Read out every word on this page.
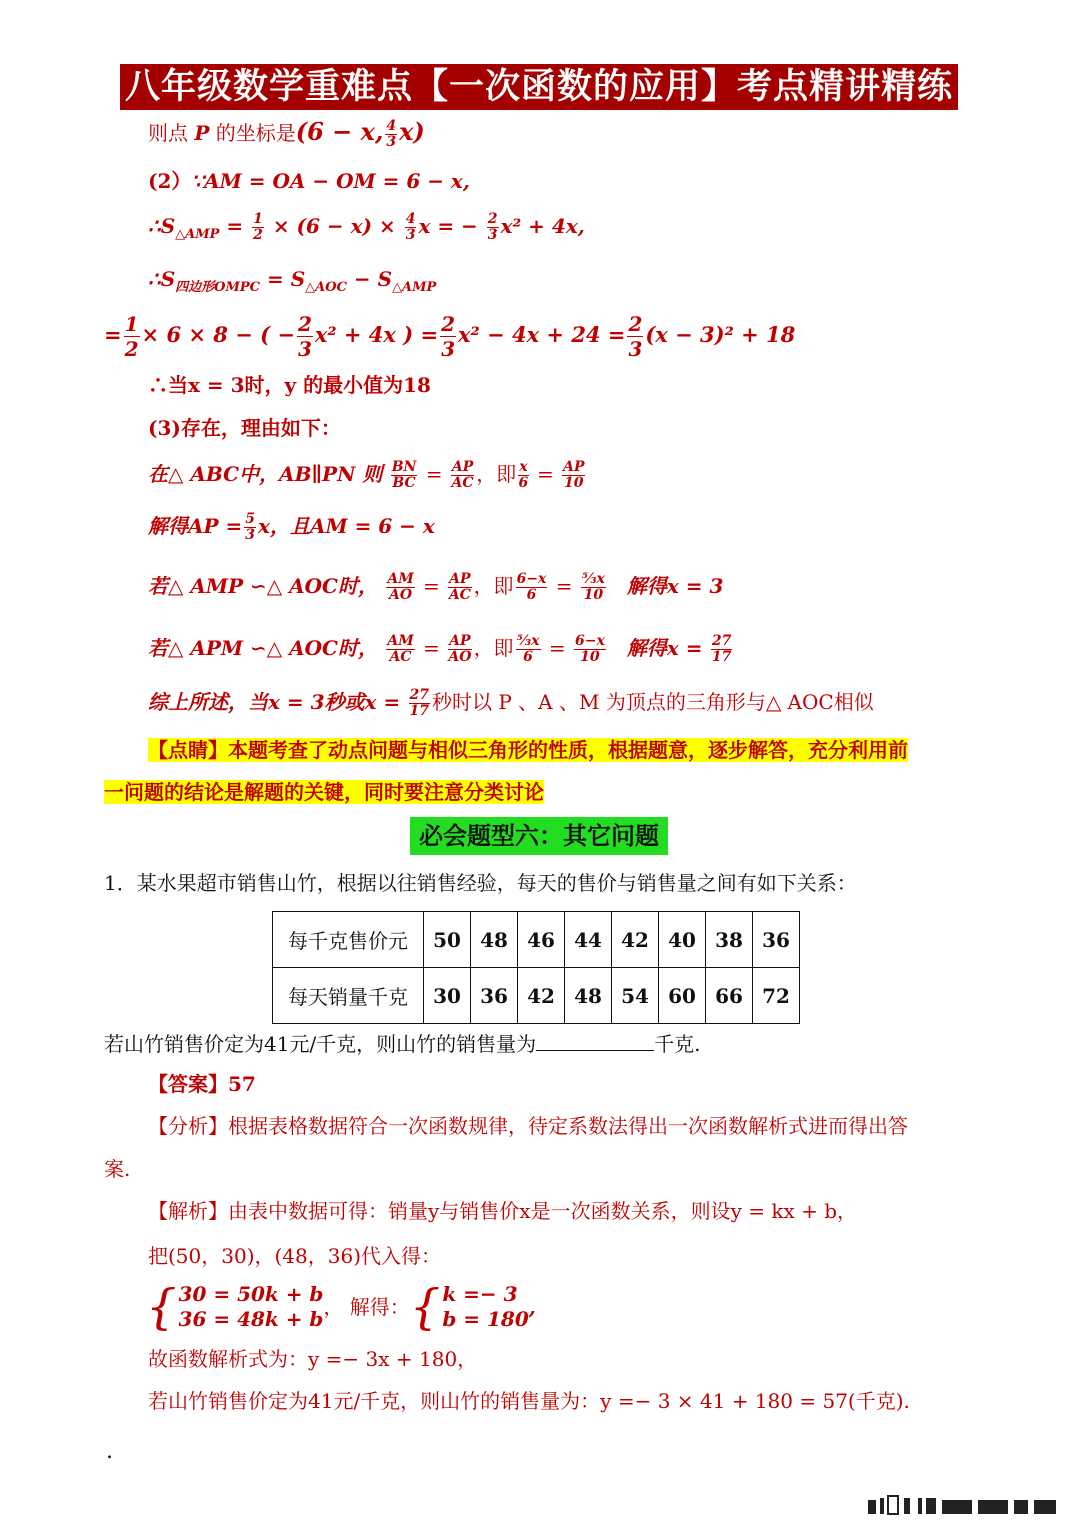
八年级数学重难点【一次函数的应用】考点精讲精练
则点 P 的坐标是(6 − x, $\frac{4}{3} x$)
(2）∵AM = OA − OM = 6 − x,
$\therefore S_{\triangle AMP} = \frac{1}{2} \times (6 - x) \times \frac{4}{3}$ x = − $\frac{2}{3} x^2 + 4x$,
$\therefore S_{四边形OMPC} = S_{\triangle AOC} - S_{\triangle AMP}$
= $\frac{1}{2} \times 6 \times 8$ − ( − $\frac{2}{3} x^2 + 4x$ ) = $\frac{2}{3} x^2 - 4x + 24 = \frac{2}{3} (x - 3)^2 + 18$
∴当x = 3时，y 的最小值为18
(3)存在，理由如下：
在△ ABC中，AB∥PN 则 $\frac{BN}{BC} = \frac{AP}{AC}$ ，即 $\frac{x}{6} = \frac{AP}{10}$
解得AP = $\frac{5}{3}$ x，且AM = 6 − x
若△ AMP ∽△ AOC时， $\frac{AM}{AO} = \frac{AP}{AC}$ ，即 $\frac{6-x}{6} = \frac{\text{⁵⁄₃x}}{10}$ 解得x = 3
若△ APM ∽△ AOC时， $\frac{AM}{AC} = \frac{AP}{AO}$ ，即 $\frac{\text{⁵⁄₃x}}{6} = \frac{6-x}{10}$ 解得$x = \frac{27}{17}$
综上所述，当x = 3秒或$x = \frac{27}{17}$ 秒时以 P 、A 、M 为顶点的三角形与△ AOC相似
【点睛】本题考查了动点问题与相似三角形的性质，根据题意，逐步解答，充分利用前
一问题的结论是解题的关键，同时要注意分类讨论
必会题型六：其它问题
1．某水果超市销售山竹，根据以往销售经验，每天的售价与销售量之间有如下关系：
每千克售价元	50	48	46	44	42	40	38	36
每天销量千克	30	36	42	48	54	60	66	72
若山竹销售价定为41元/千克，则山竹的销售量为	千克.
【答案】57
【分析】根据表格数据符合一次函数规律，待定系数法得出一次函数解析式进而得出答
案.
【解析】由表中数据可得：销量y与销售价x是一次函数关系，则设y = kx + b，
把(50，30)，(48，36)代入得：
{ 30 = 50k + b
36 = 48k + b ， 解得：{ k =− 3
b = 180 ,
故函数解析式为：y =− 3x + 180，
若山竹销售价定为41元/千克，则山竹的销售量为：y =− 3 × 41 + 180 = 57(千克).
.
